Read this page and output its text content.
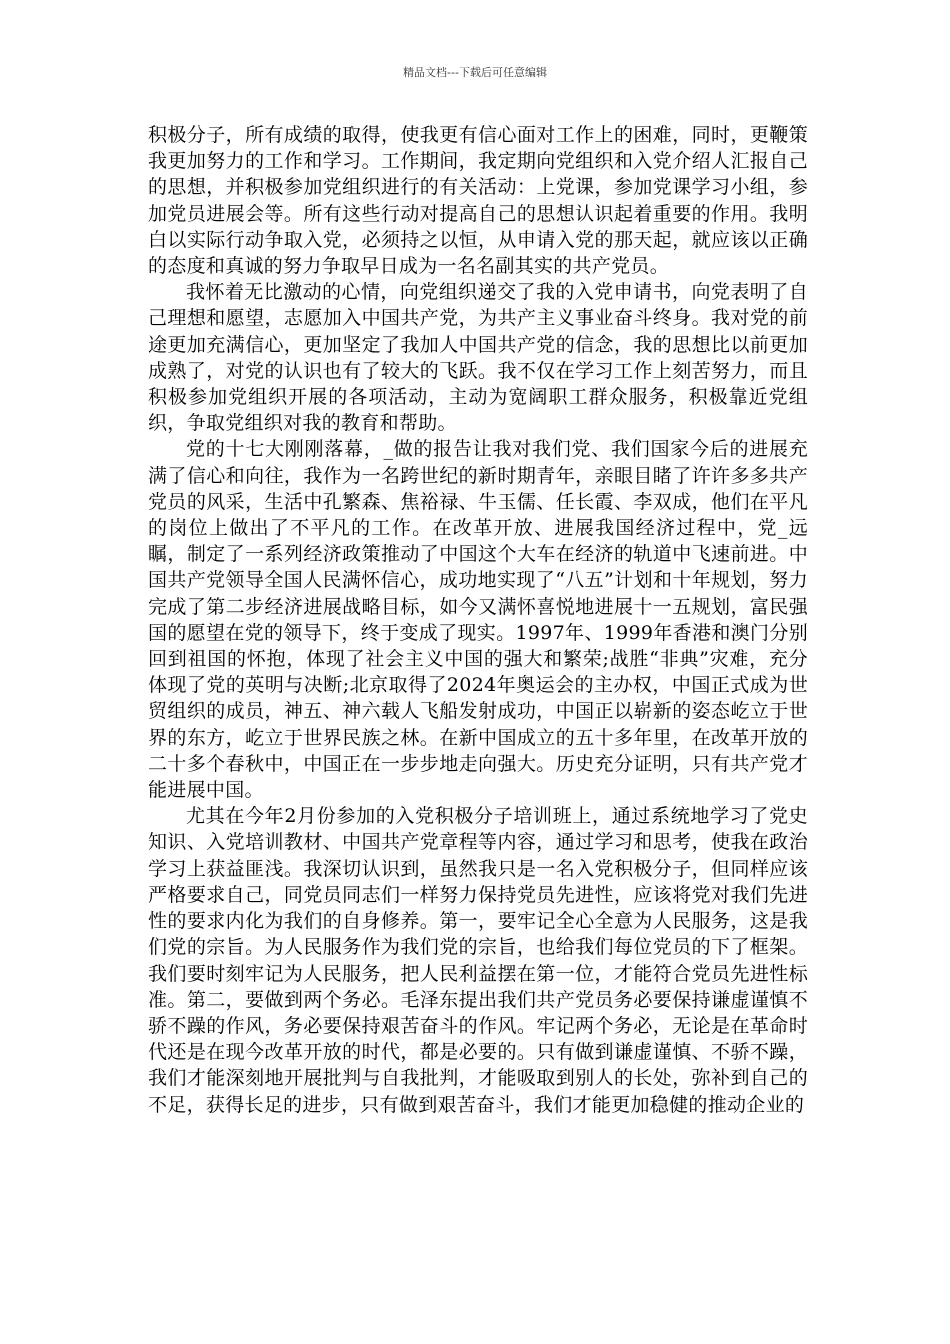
精品文档---下载后可任意编辑

积极分子，所有成绩的取得，使我更有信心面对工作上的困难，同时，更鞭策我更加努力的工作和学习。工作期间，我定期向党组织和入党介绍人汇报自己的思想，并积极参加党组织进行的有关活动：上党课，参加党课学习小组，参加党员进展会等。所有这些行动对提高自己的思想认识起着重要的作用。我明白以实际行动争取入党，必须持之以恒，从申请入党的那天起，就应该以正确的态度和真诚的努力争取早日成为一名名副其实的共产党员。

我怀着无比激动的心情，向党组织递交了我的入党申请书，向党表明了自己理想和愿望，志愿加入中国共产党，为共产主义事业奋斗终身。我对党的前途更加充满信心，更加坚定了我加人中国共产党的信念，我的思想比以前更加成熟了，对党的认识也有了较大的飞跃。我不仅在学习工作上刻苦努力，而且积极参加党组织开展的各项活动，主动为宽阔职工群众服务，积极靠近党组织，争取党组织对我的教育和帮助。

党的十七大刚刚落幕，_做的报告让我对我们党、我们国家今后的进展充满了信心和向往，我作为一名跨世纪的新时期青年，亲眼目睹了许许多多共产党员的风采，生活中孔繁森、焦裕禄、牛玉儒、任长霞、李双成，他们在平凡的岗位上做出了不平凡的工作。在改革开放、进展我国经济过程中，党_远瞩，制定了一系列经济政策推动了中国这个大车在经济的轨道中飞速前进。中国共产党领导全国人民满怀信心，成功地实现了“八五”计划和十年规划，努力完成了第二步经济进展战略目标，如今又满怀喜悦地进展十一五规划，富民强国的愿望在党的领导下，终于变成了现实。1997年、1999年香港和澳门分别回到祖国的怀抱，体现了社会主义中国的强大和繁荣;战胜“非典”灾难，充分体现了党的英明与决断;北京取得了2024年奥运会的主办权，中国正式成为世贸组织的成员，神五、神六载人飞船发射成功，中国正以崭新的姿态屹立于世界的东方，屹立于世界民族之林。在新中国成立的五十多年里，在改革开放的二十多个春秋中，中国正在一步步地走向强大。历史充分证明，只有共产党才能进展中国。

尤其在今年2月份参加的入党积极分子培训班上，通过系统地学习了党史知识、入党培训教材、中国共产党章程等内容，通过学习和思考，使我在政治学习上获益匪浅。我深切认识到，虽然我只是一名入党积极分子，但同样应该严格要求自己，同党员同志们一样努力保持党员先进性，应该将党对我们先进性的要求内化为我们的自身修养。第一，要牢记全心全意为人民服务，这是我们党的宗旨。为人民服务作为我们党的宗旨，也给我们每位党员的下了框架。我们要时刻牢记为人民服务，把人民利益摆在第一位，才能符合党员先进性标准。第二，要做到两个务必。毛泽东提出我们共产党员务必要保持谦虚谨慎不骄不躁的作风，务必要保持艰苦奋斗的作风。牢记两个务必，无论是在革命时代还是在现今改革开放的时代，都是必要的。只有做到谦虚谨慎、不骄不躁，我们才能深刻地开展批判与自我批判，才能吸取到别人的长处，弥补到自己的不足，获得长足的进步，只有做到艰苦奋斗，我们才能更加稳健的推动企业的
